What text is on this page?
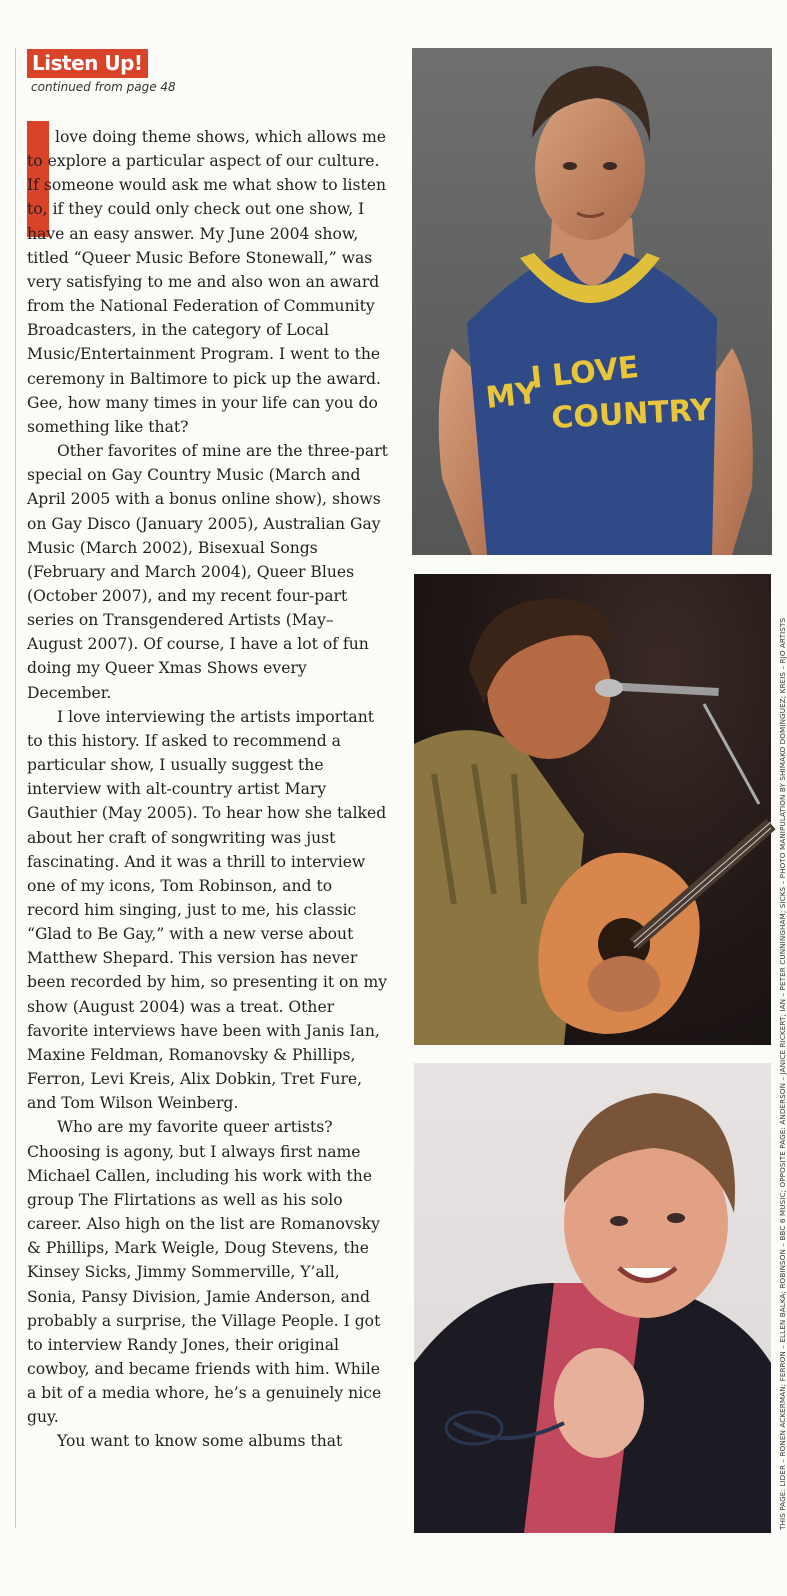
Listen Up!
continued from page 48

love doing theme shows, which allows me to explore a particular aspect of our culture. If someone would ask me what show to listen to, if they could only check out one show, I have an easy answer. My June 2004 show, titled “Queer Music Before Stonewall,” was very satisfying to me and also won an award from the National Federation of Community Broadcasters, in the category of Local Music/Entertainment Program. I went to the ceremony in Baltimore to pick up the award. Gee, how many times in your life can you do something like that?

Other favorites of mine are the three-part special on Gay Country Music (March and April 2005 with a bonus online show), shows on Gay Disco (January 2005), Australian Gay Music (March 2002), Bisexual Songs (February and March 2004), Queer Blues (October 2007), and my recent four-part series on Transgendered Artists (May–August 2007). Of course, I have a lot of fun doing my Queer Xmas Shows every December.

I love interviewing the artists important to this history. If asked to recommend a particular show, I usually suggest the interview with alt-country artist Mary Gauthier (May 2005). To hear how she talked about her craft of songwriting was just fascinating. And it was a thrill to interview one of my icons, Tom Robinson, and to record him singing, just to me, his classic “Glad to Be Gay,” with a new verse about Matthew Shepard. This version has never been recorded by him, so presenting it on my show (August 2004) was a treat. Other favorite interviews have been with Janis Ian, Maxine Feldman, Romanovsky & Phillips, Ferron, Levi Kreis, Alix Dobkin, Tret Fure, and Tom Wilson Weinberg.

Who are my favorite queer artists? Choosing is agony, but I always first name Michael Callen, including his work with the group The Flirtations as well as his solo career. Also high on the list are Romanovsky & Phillips, Mark Weigle, Doug Stevens, the Kinsey Sicks, Jimmy Sommerville, Y’all, Sonia, Pansy Division, Jamie Anderson, and probably a surprise, the Village People. I got to interview Randy Jones, their original cowboy, and became friends with him. While a bit of a media whore, he’s a genuinely nice guy.

You want to know some albums that

I LOVE
MY COUNTRY
THIS PAGE: LIDER – RONEN ACKERMAN; FERRON – ELLEN BALKA; ROBINSON – BBC 6 MUSIC; OPPOSITE PAGE: ANDERSON – JANICE RICKERT; IAN – PETER CUNNINGHAM; SICKS – PHOTO MANIPULATION BY SHIMAKO DOMINGUEZ; KREIS – RJO ARTISTS
